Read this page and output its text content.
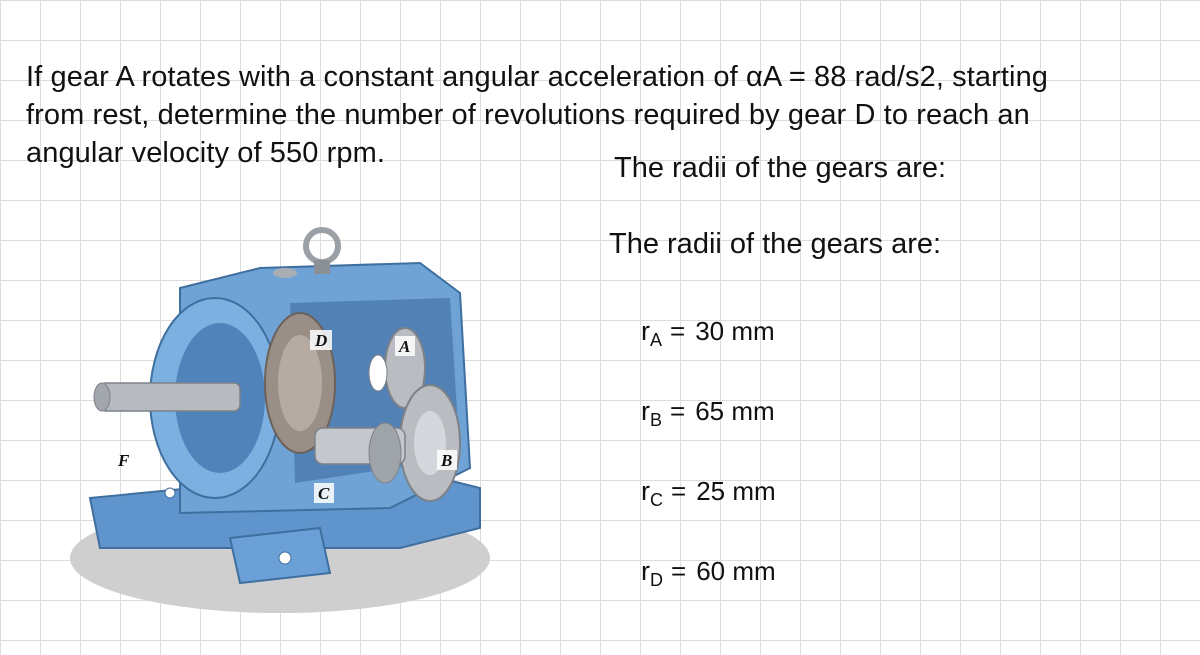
If gear A rotates with a constant angular acceleration of αA = 88 rad/s2, starting

from rest, determine the number of revolutions required by gear D to reach an

angular velocity of 550 rpm.	The radii of the gears are:
The radii of the gears are:
$r_A = 30$ mm
$r_B = 65$ mm
$r_C = 25$ mm
$r_D = 60$ mm
D	A
B
C
F
